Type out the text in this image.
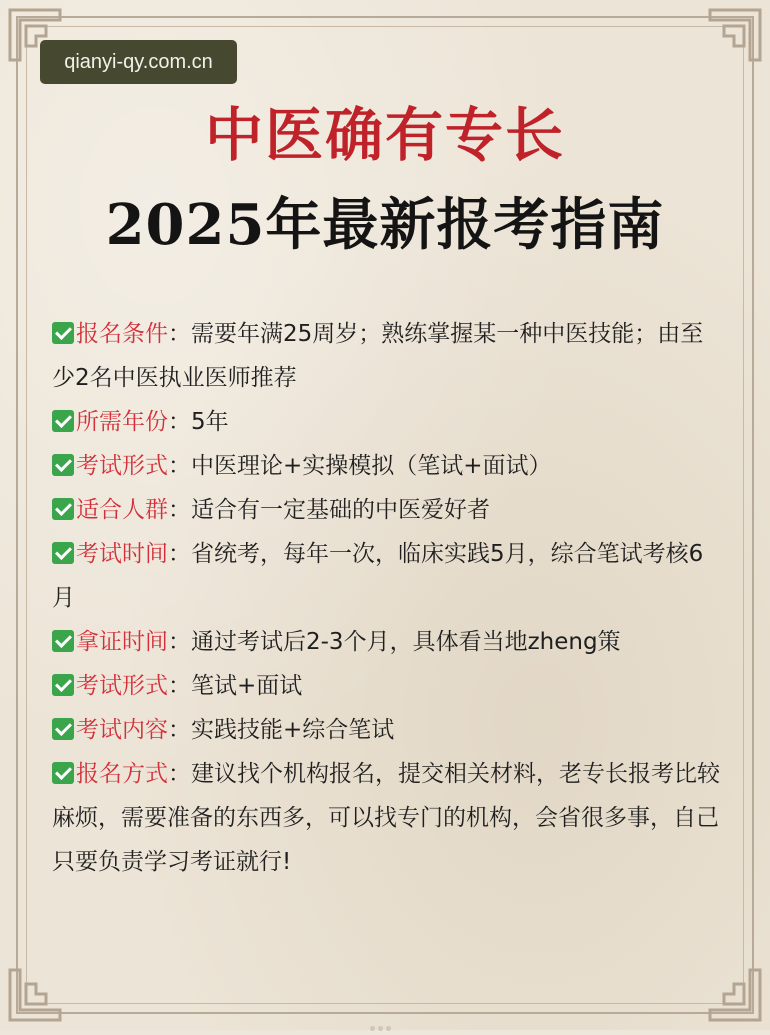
qianyi-qy.com.cn
中医确有专长
2025年最新报考指南
报名条件：需要年满25周岁；熟练掌握某一种中医技能；由至少2名中医执业医师推荐
所需年份：5年
考试形式：中医理论+实操模拟（笔试+面试）
适合人群：适合有一定基础的中医爱好者
考试时间：省统考，每年一次，临床实践5月，综合笔试考核6月
拿证时间：通过考试后2-3个月，具体看当地zheng策
考试形式：笔试+面试
考试内容：实践技能+综合笔试
报名方式：建议找个机构报名，提交相关材料，老专长报考比较麻烦，需要准备的东西多，可以找专门的机构，会省很多事，自己只要负责学习考证就行!
